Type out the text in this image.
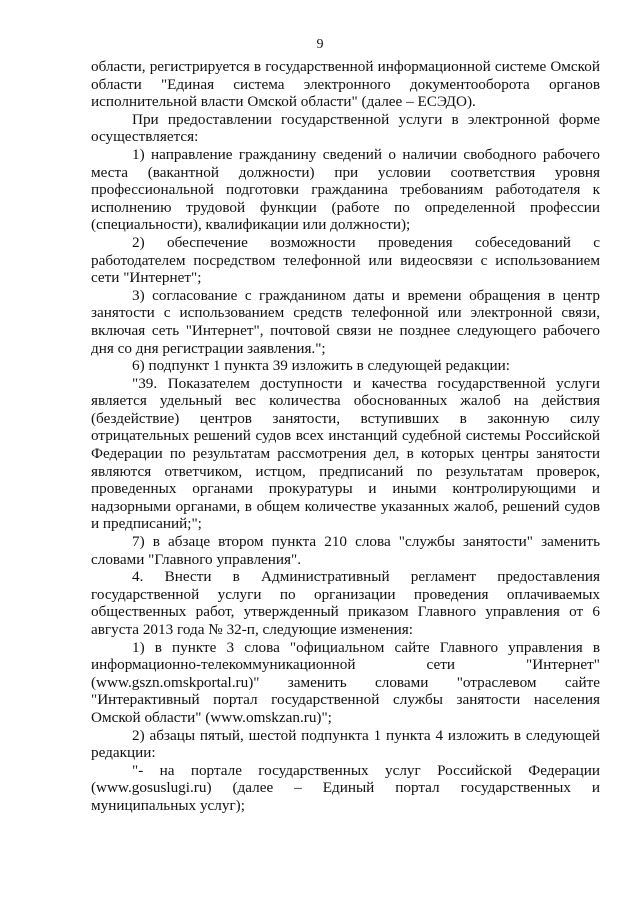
9

области, регистрируется в государственной информационной системе Омской области "Единая система электронного документооборота органов исполнительной власти Омской области" (далее – ЕСЭДО).

При предоставлении государственной услуги в электронной форме осуществляется:

1) направление гражданину сведений о наличии свободного рабочего места (вакантной должности) при условии соответствия уровня профессиональной подготовки гражданина требованиям работодателя к исполнению трудовой функции (работе по определенной профессии (специальности), квалификации или должности);

2) обеспечение возможности проведения собеседований с работодателем посредством телефонной или видеосвязи с использованием сети "Интернет";

3) согласование с гражданином даты и времени обращения в центр занятости с использованием средств телефонной или электронной связи, включая сеть "Интернет", почтовой связи не позднее следующего рабочего дня со дня регистрации заявления.";

6) подпункт 1 пункта 39 изложить в следующей редакции:

"39. Показателем доступности и качества государственной услуги является удельный вес количества обоснованных жалоб на действия (бездействие) центров занятости, вступивших в законную силу отрицательных решений судов всех инстанций судебной системы Российской Федерации по результатам рассмотрения дел, в которых центры занятости являются ответчиком, истцом, предписаний по результатам проверок, проведенных органами прокуратуры и иными контролирующими и надзорными органами, в общем количестве указанных жалоб, решений судов и предписаний;";

7) в абзаце втором пункта 210 слова "службы занятости" заменить словами "Главного управления".

4. Внести в Административный регламент предоставления государственной услуги по организации проведения оплачиваемых общественных работ, утвержденный приказом Главного управления от 6 августа 2013 года № 32-п, следующие изменения:

1) в пункте 3 слова "официальном сайте Главного управления в информационно-телекоммуникационной сети "Интернет" (www.gszn.omskportal.ru)" заменить словами "отраслевом сайте "Интерактивный портал государственной службы занятости населения Омской области" (www.omskzan.ru)";

2) абзацы пятый, шестой подпункта 1 пункта 4 изложить в следующей редакции:

"- на портале государственных услуг Российской Федерации (www.gosuslugi.ru) (далее – Единый портал государственных и муниципальных услуг);
